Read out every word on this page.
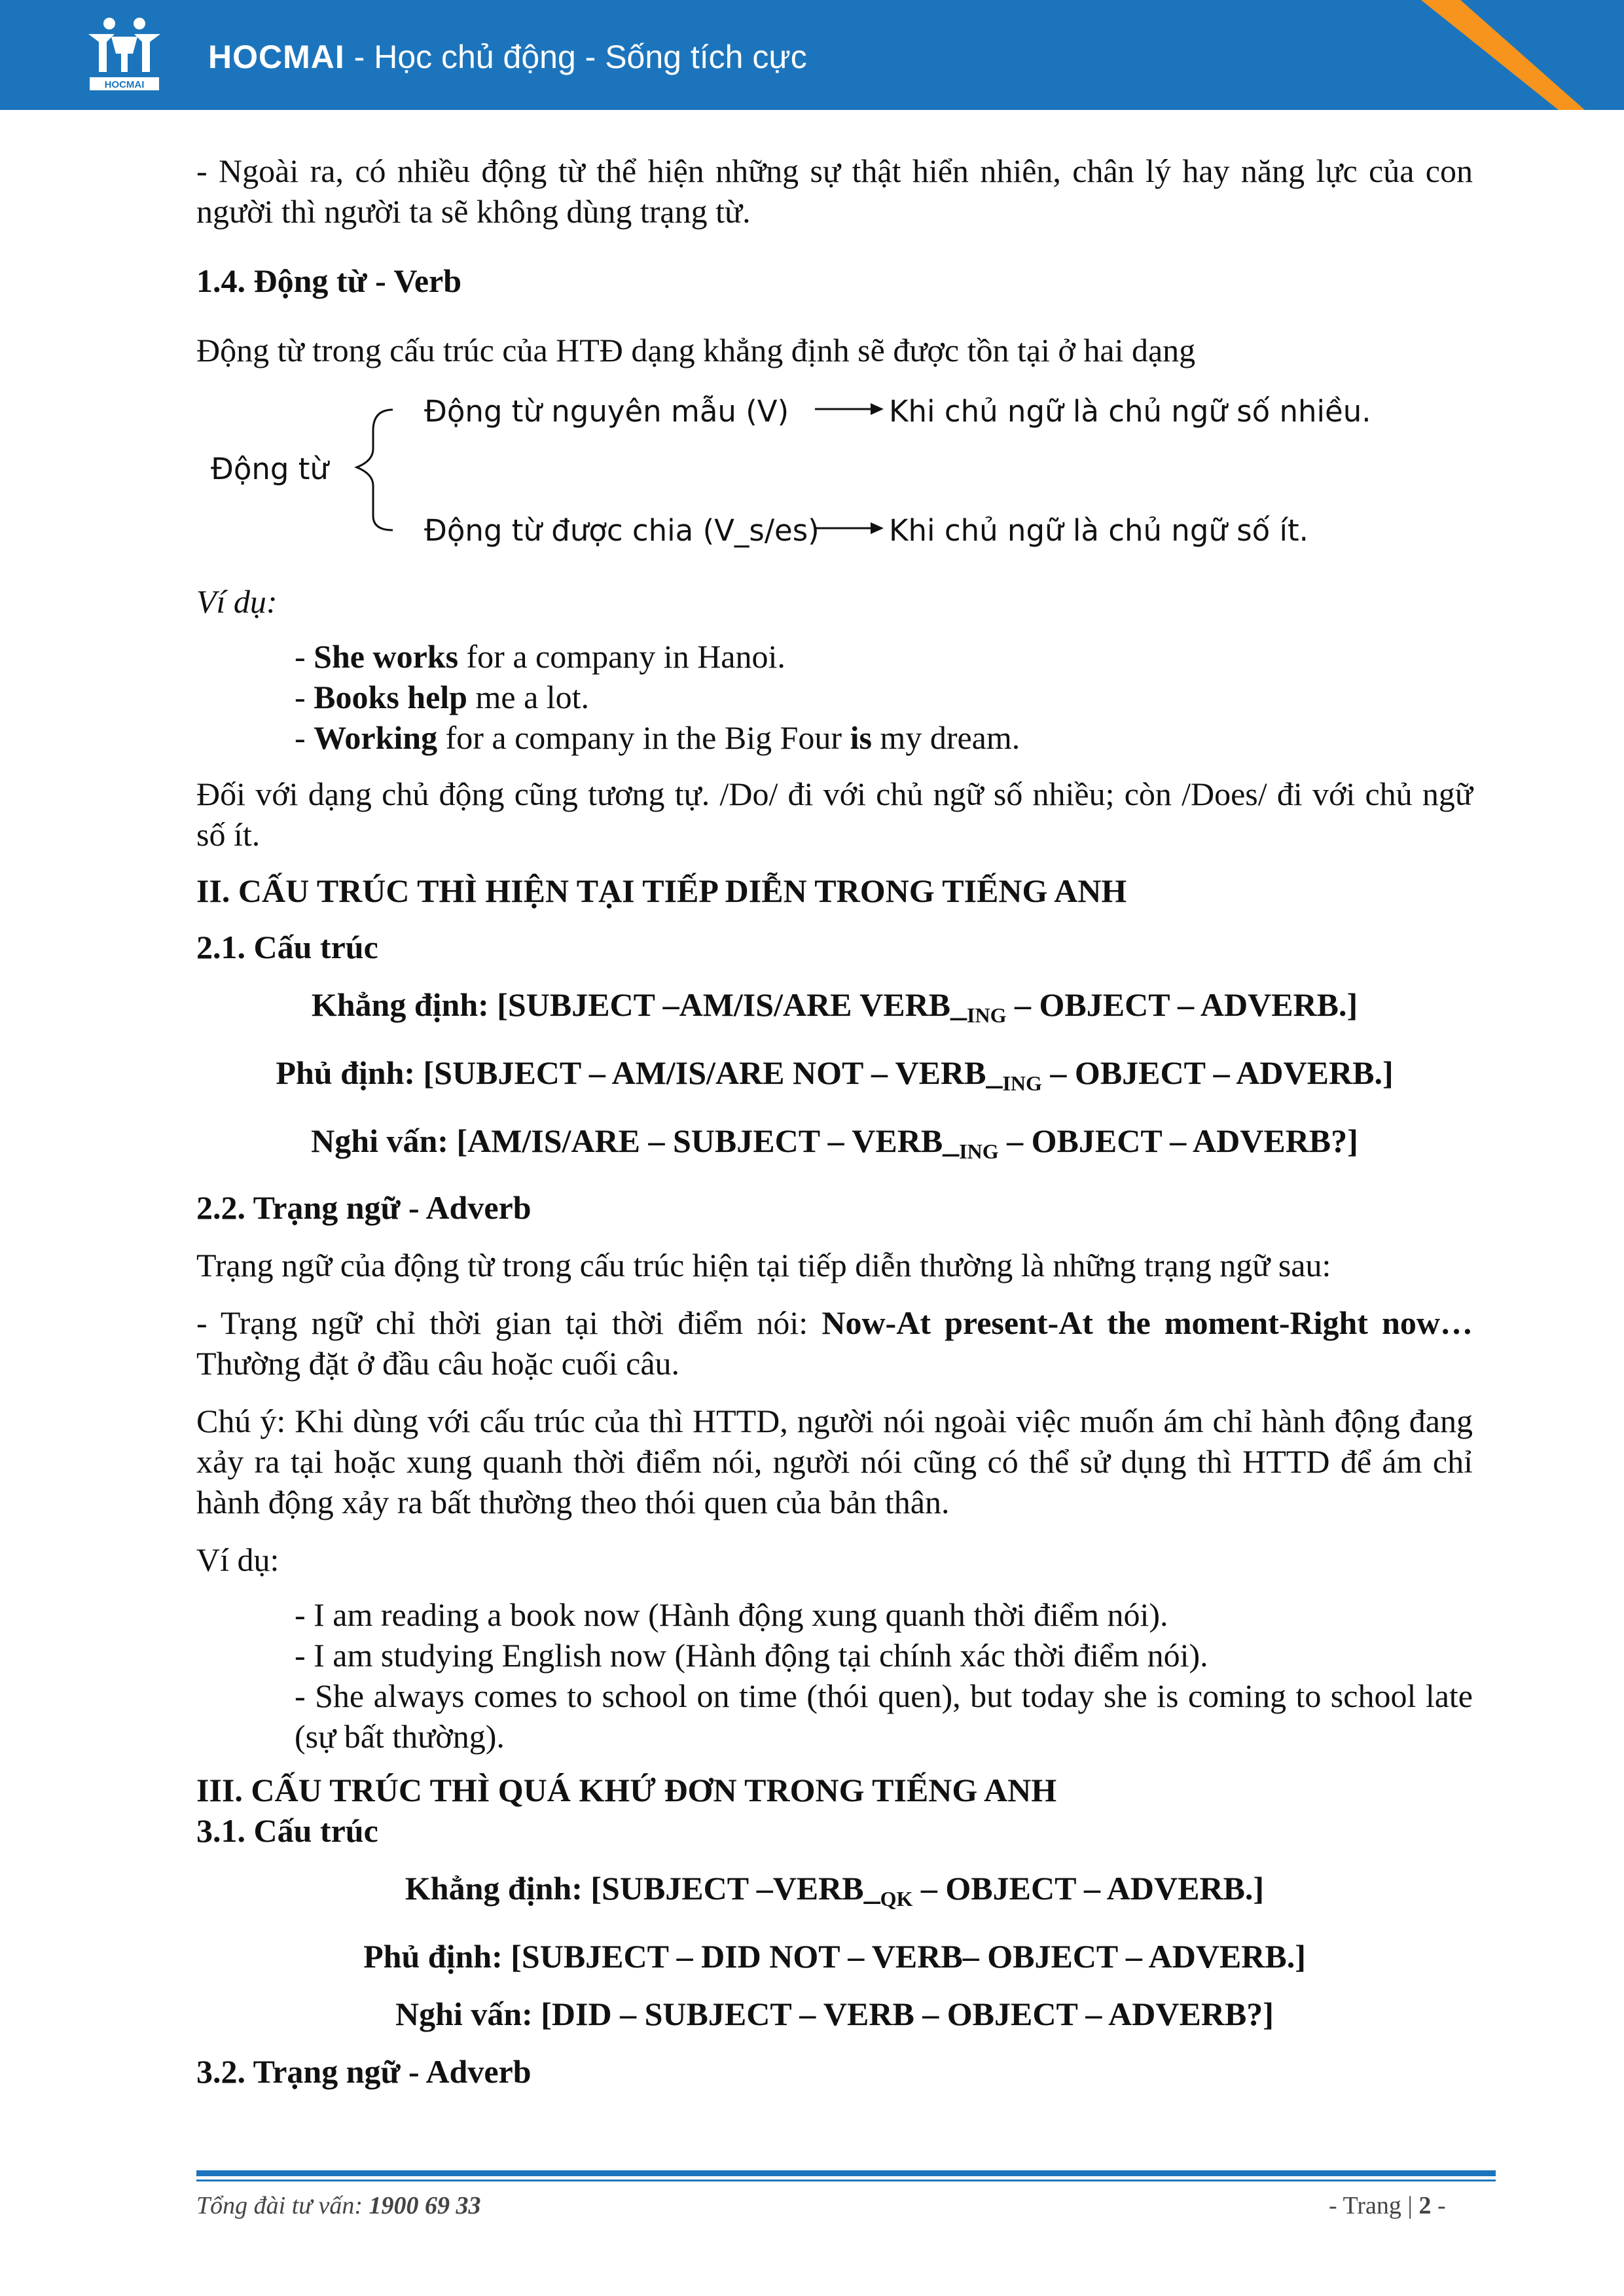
HOCMAI
HOCMAI - Học chủ động - Sống tích cực

- Ngoài ra, có nhiều động từ thể hiện những sự thật hiển nhiên, chân lý hay năng lực của con người thì người ta sẽ không dùng trạng từ.

1.4. Động từ - Verb

Động từ trong cấu trúc của HTĐ dạng khẳng định sẽ được tồn tại ở hai dạng

Động từ
Động từ nguyên mẫu (V)	Khi chủ ngữ là chủ ngữ số nhiều.
Động từ được chia (V_s/es) Khi chủ ngữ là chủ ngữ số ít.

Ví dụ:

- She works for a company in Hanoi.

- Books help me a lot.

- Working for a company in the Big Four is my dream.

Đối với dạng chủ động cũng tương tự. /Do/ đi với chủ ngữ số nhiều; còn /Does/ đi với chủ ngữ số ít.

II. CẤU TRÚC THÌ HIỆN TẠI TIẾP DIỄN TRONG TIẾNG ANH

2.1. Cấu trúc

Khẳng định: [SUBJECT –AM/IS/ARE $VERB\__{ING}$ – OBJECT – ADVERB.]

Phủ định: [SUBJECT – AM/IS/ARE NOT – $VERB\__{ING}$ – OBJECT – ADVERB.]

Nghi vấn: [AM/IS/ARE – SUBJECT – $VERB\__{ING}$ – OBJECT – ADVERB?]

2.2. Trạng ngữ - Adverb

Trạng ngữ của động từ trong cấu trúc hiện tại tiếp diễn thường là những trạng ngữ sau:

- Trạng ngữ chỉ thời gian tại thời điểm nói: Now-At present-At the moment-Right now…Thường đặt ở đầu câu hoặc cuối câu.

Chú ý: Khi dùng với cấu trúc của thì HTTD, người nói ngoài việc muốn ám chỉ hành động đang xảy ra tại hoặc xung quanh thời điểm nói, người nói cũng có thể sử dụng thì HTTD để ám chỉ hành động xảy ra bất thường theo thói quen của bản thân.

Ví dụ:

- I am reading a book now (Hành động xung quanh thời điểm nói).

- I am studying English now (Hành động tại chính xác thời điểm nói).

- She always comes to school on time (thói quen), but today she is coming to school late (sự bất thường).

III. CẤU TRÚC THÌ QUÁ KHỨ ĐƠN TRONG TIẾNG ANH

3.1. Cấu trúc

Khẳng định: [SUBJECT $-VERB\__{QK}$ – OBJECT – ADVERB.]

Phủ định: [SUBJECT – DID NOT – VERB– OBJECT – ADVERB.]

Nghi vấn: [DID – SUBJECT – VERB – OBJECT – ADVERB?]

3.2. Trạng ngữ - Adverb

Tổng đài tư vấn: 1900 69 33	- Trang | 2 -
